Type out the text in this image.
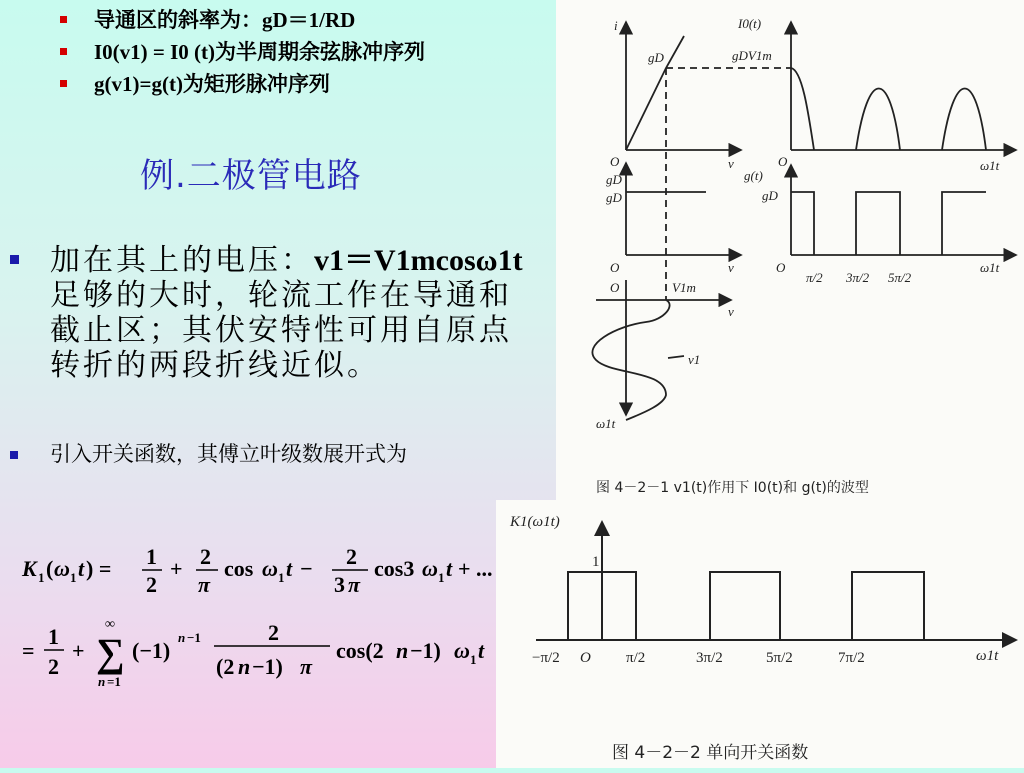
导通区的斜率为：gD＝1/RD
I0(v1) = I0 (t)为半周期余弦脉冲序列
g(v1)=g(t)为矩形脉冲序列
例.二极管电路
加在其上的电压：v1＝V1mcosω1t
足够的大时，轮流工作在导通和
截止区；其伏安特性可用自原点
转折的两段折线近似。
引入开关函数，其傅立叶级数展开式为
K 1 ( ω 1 t ) = 1
2
+ 2
π
cos ω 1 t − 2
3 π
cos3 ω 1 t + ...
=
1
2
+
∞
∑
n =1
(−1)
n −1	2
(2 n −1) π
cos(2 n −1) ω 1 t
i
gD
O	v
I0(t)
gDV1m
O	ω1t
gD
gD
O	v
g(t)
gD
O	ω1t
π/2 3π/2 5π/2
O	V1m
v
v1
ω1t
图 4－2－1 v1(t)作用下 I0(t)和 g(t)的波型
K1(ω1t)
1
ω1t
−π/2 O π/2	3π/2	5π/2	7π/2
图 4－2－2 单向开关函数
